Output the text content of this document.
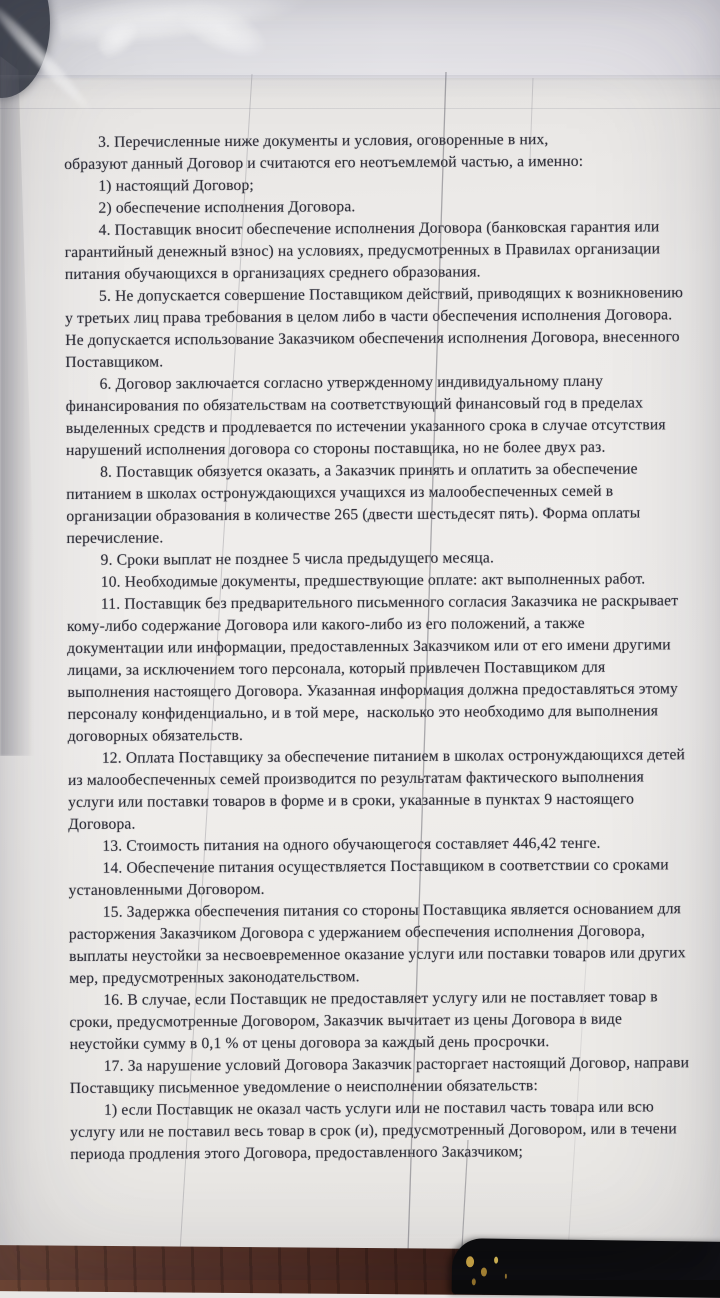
3. Перечисленные ниже документы и условия, оговоренные в них,
образуют данный Договор и считаются его неотъемлемой частью, а именно:
1) настоящий Договор;
2) обеспечение исполнения Договора.
4. Поставщик вносит обеспечение исполнения Договора (банковская гарантия или
гарантийный денежный взнос) на условиях, предусмотренных в Правилах организации
питания обучающихся в организациях среднего образования.
5. Не допускается совершение Поставщиком действий, приводящих к возникновению
у третьих лиц права требования в целом либо в части обеспечения исполнения Договора.
Не допускается использование Заказчиком обеспечения исполнения Договора, внесенного
Поставщиком.
6. Договор заключается согласно утвержденному индивидуальному плану
финансирования по обязательствам на соответствующий финансовый год в пределах
выделенных средств и продлевается по истечении указанного срока в случае отсутствия
нарушений исполнения договора со стороны поставщика, но не более двух раз.
8. Поставщик обязуется оказать, а Заказчик принять и оплатить за обеспечение
питанием в школах остронуждающихся учащихся из малообеспеченных семей в
организации образования в количестве 265 (двести шестьдесят пять). Форма оплаты
перечисление.
9. Сроки выплат не позднее 5 числа предыдущего месяца.
10. Необходимые документы, предшествующие оплате: акт выполненных работ.
11. Поставщик без предварительного письменного согласия Заказчика не раскрывает
кому-либо содержание Договора или какого-либо из его положений, а также
документации или информации, предоставленных Заказчиком или от его имени другими
лицами, за исключением того персонала, который привлечен Поставщиком для
выполнения настоящего Договора. Указанная информация должна предоставляться этому
персоналу конфиденциально, и в той мере,  насколько это необходимо для выполнения
договорных обязательств.
12. Оплата Поставщику за обеспечение питанием в школах остронуждающихся детей
из малообеспеченных семей производится по результатам фактического выполнения
услуги или поставки товаров в форме и в сроки, указанные в пунктах 9 настоящего
Договора.
13. Стоимость питания на одного обучающегося составляет 446,42 тенге.
14. Обеспечение питания осуществляется Поставщиком в соответствии со сроками
установленными Договором.
15. Задержка обеспечения питания со стороны Поставщика является основанием для
расторжения Заказчиком Договора с удержанием обеспечения исполнения Договора,
выплаты неустойки за несвоевременное оказание услуги или поставки товаров или других
мер, предусмотренных законодательством.
16. В случае, если Поставщик не предоставляет услугу или не поставляет товар в
сроки, предусмотренные Договором, Заказчик вычитает из цены Договора в виде
неустойки сумму в 0,1 % от цены договора за каждый день просрочки.
17. За нарушение условий Договора Заказчик расторгает настоящий Договор, направи
Поставщику письменное уведомление о неисполнении обязательств:
1) если Поставщик не оказал часть услуги или не поставил часть товара или всю
услугу или не поставил весь товар в срок (и), предусмотренный Договором, или в течени
периода продления этого Договора, предоставленного Заказчиком;
